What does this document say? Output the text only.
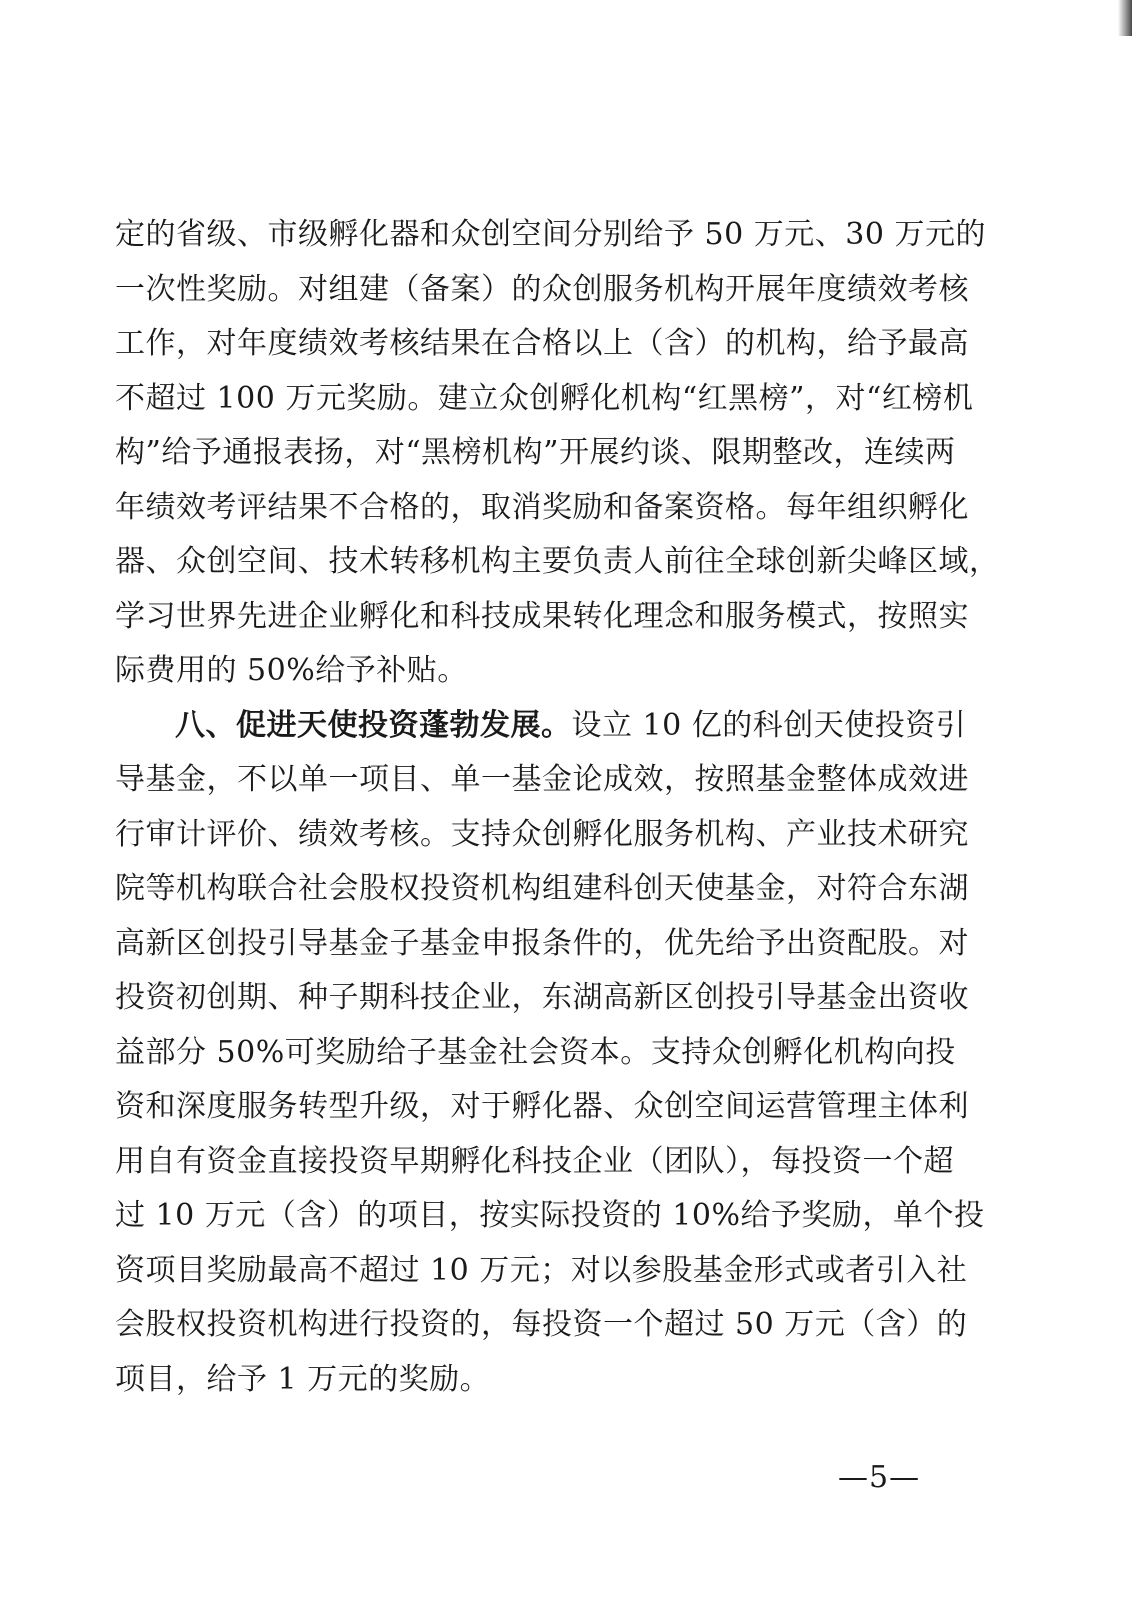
定的省级、市级孵化器和众创空间分别给予 50 万元、30 万元的
一次性奖励。对组建（备案）的众创服务机构开展年度绩效考核
工作，对年度绩效考核结果在合格以上（含）的机构，给予最高
不超过 100 万元奖励。建立众创孵化机构“红黑榜”，对“红榜机
构”给予通报表扬，对“黑榜机构”开展约谈、限期整改，连续两
年绩效考评结果不合格的，取消奖励和备案资格。每年组织孵化
器、众创空间、技术转移机构主要负责人前往全球创新尖峰区域，
学习世界先进企业孵化和科技成果转化理念和服务模式，按照实
际费用的 50%给予补贴。
八、促进天使投资蓬勃发展。设立 10 亿的科创天使投资引
导基金，不以单一项目、单一基金论成效，按照基金整体成效进
行审计评价、绩效考核。支持众创孵化服务机构、产业技术研究
院等机构联合社会股权投资机构组建科创天使基金，对符合东湖
高新区创投引导基金子基金申报条件的，优先给予出资配股。对
投资初创期、种子期科技企业，东湖高新区创投引导基金出资收
益部分 50%可奖励给子基金社会资本。支持众创孵化机构向投
资和深度服务转型升级，对于孵化器、众创空间运营管理主体利
用自有资金直接投资早期孵化科技企业（团队），每投资一个超
过 10 万元（含）的项目，按实际投资的 10%给予奖励，单个投
资项目奖励最高不超过 10 万元；对以参股基金形式或者引入社
会股权投资机构进行投资的，每投资一个超过 50 万元（含）的
项目，给予 1 万元的奖励。
—5—
